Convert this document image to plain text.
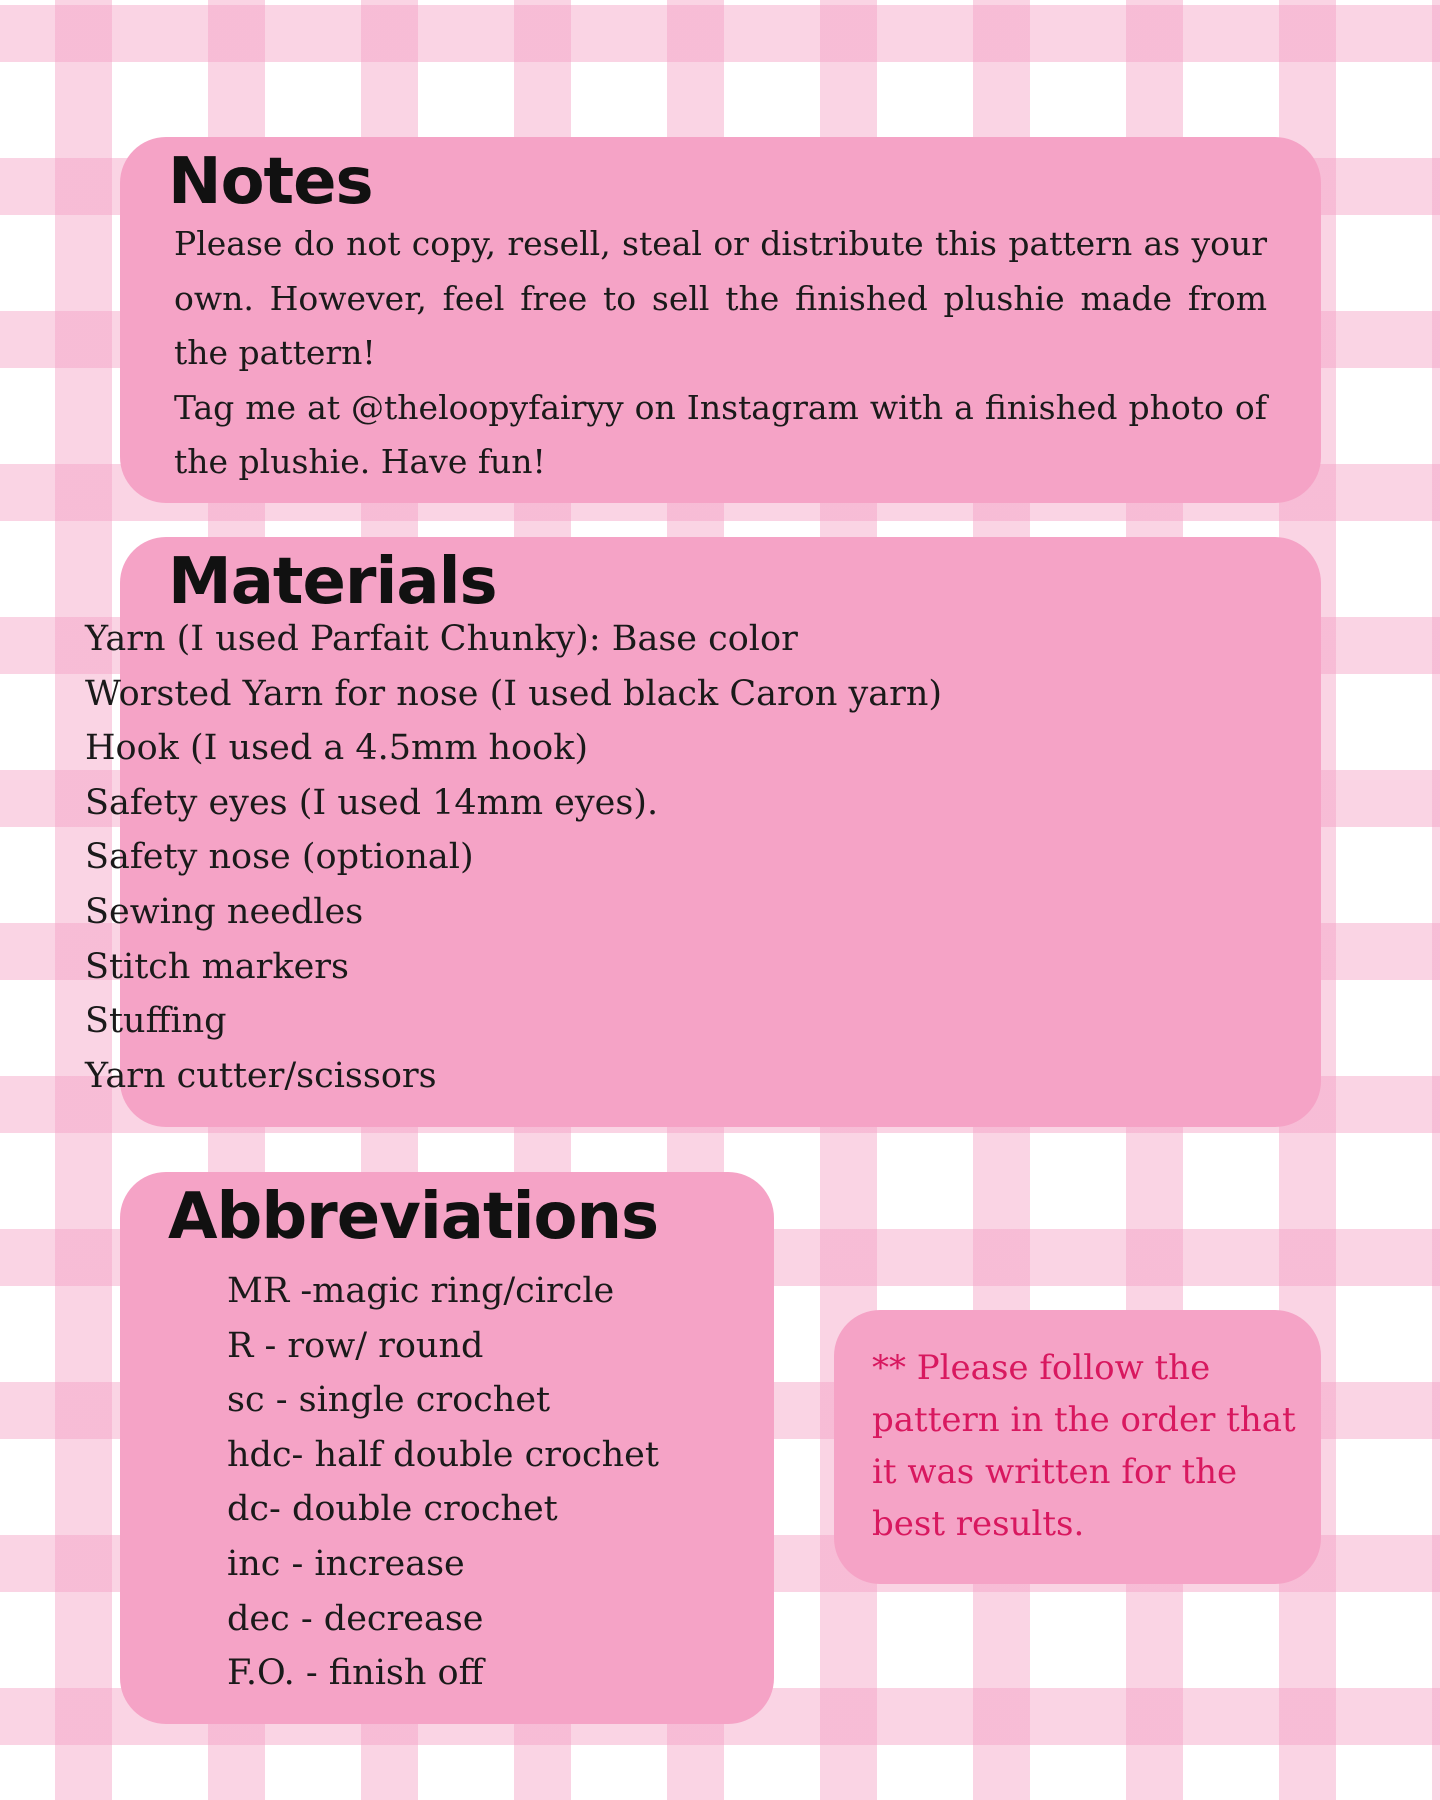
Notes

Please do not copy, resell, steal or distribute this pattern as your own. However, feel free to sell the finished plushie made from the pattern!

Tag me at @theloopyfairyy on Instagram with a finished photo of the plushie. Have fun!

Materials
Yarn (I used Parfait Chunky): Base color
Worsted Yarn for nose (I used black Caron yarn)
Hook (I used a 4.5mm hook)
Safety eyes (I used 14mm eyes).
Safety nose (optional)
Sewing needles
Stitch markers
Stuffing
Yarn cutter/scissors
Abbreviations
MR -magic ring/circle
R - row/ round
sc - single crochet
hdc- half double crochet
dc- double crochet
inc - increase
dec - decrease
F.O. - finish off

** Please follow the pattern in the order that it was written for the best results.
